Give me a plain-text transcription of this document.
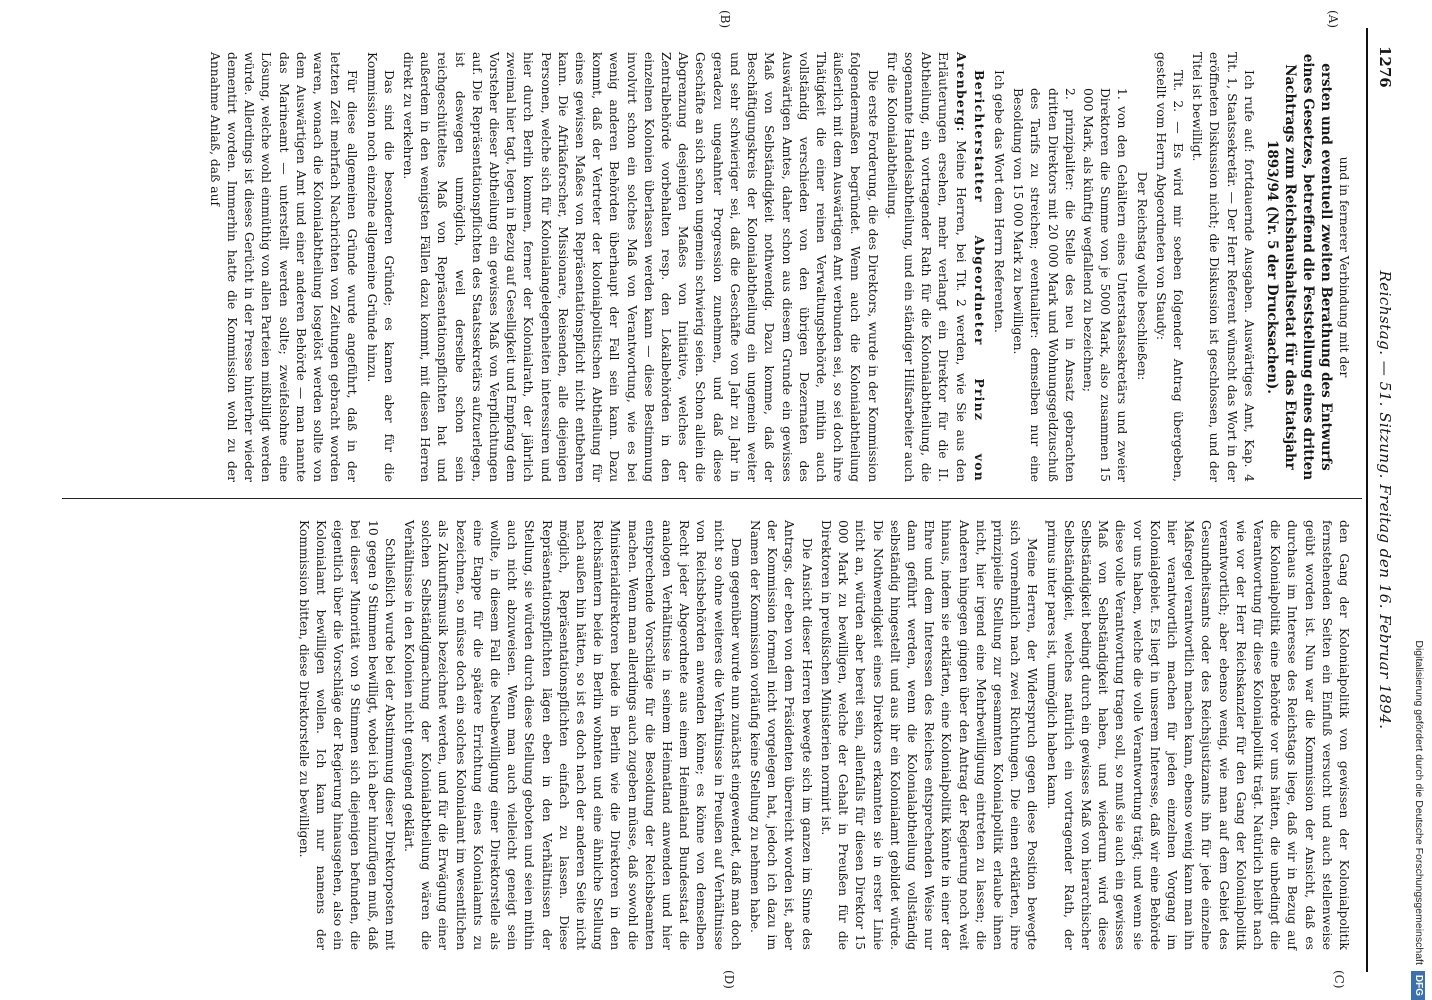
1276
Reichstag. — 51. Sitzung. Freitag den 16. Februar 1894.
(A)
(B)
(C)
(D)
und in fernerer Verbindung mit der
ersten und eventuell zweiten Berathung des Entwurfs eines Gesetzes, betreffend die Feststellung eines dritten Nachtrags zum Reichshaushaltsetat für das Etatsjahr 1893/94 (Nr. 5 der Drucksachen).

Ich rufe auf: fortdauernde Ausgaben. Auswärtiges Amt, Kap. 4 Tit. 1, Staatssekretär. — Der Herr Referent wünscht das Wort in der eröffneten Diskussion nicht; die Diskussion ist geschlossen, und der Titel ist bewilligt.

Tit. 2. — Es wird mir soeben folgender Antrag übergeben, gestellt vom Herrn Abgeordneten von Staudy:

Der Reichstag wolle beschließen:

1. von den Gehältern eines Unterstaatssekretärs und zweier Direktoren die Summe von je 5000 Mark, also zusammen 15 000 Mark, als künftig wegfallend zu bezeichnen;

2. prinzipaliter: die Stelle des neu in Ansatz gebrachten dritten Direktors mit 20 000 Mark und Wohnungsgeldzuschuß des Tarifs zu streichen; eventualiter: demselben nur eine Besoldung von 15 000 Mark zu bewilligen.

Ich gebe das Wort dem Herrn Referenten.

Berichterstatter Abgeordneter Prinz von Arenberg: Meine Herren, bei Tit. 2 werden, wie Sie aus den Erläuterungen ersehen, mehr verlangt ein Direktor für die II. Abtheilung, ein vortragender Rath für die Kolonialabtheilung, die sogenannte Handelsabtheilung, und ein ständiger Hilfsarbeiter auch für die Kolonialabtheilung.

Die erste Forderung, die des Direktors, wurde in der Kommission folgendermaßen begründet. Wenn auch die Kolonialabtheilung äußerlich mit dem Auswärtigen Amt verbunden sei, so sei doch ihre Thätigkeit die einer reinen Verwaltungsbehörde, mithin auch vollständig verschieden von den übrigen Dezernaten des Auswärtigen Amtes, daher schon aus diesem Grunde ein gewisses Maß von Selbständigkeit nothwendig. Dazu komme, daß der Beschäftigungskreis der Kolonialabtheilung ein ungemein weiter und sehr schwieriger sei, daß die Geschäfte von Jahr zu Jahr in geradezu ungeahnter Progression zunehmen, und daß diese Geschäfte an sich schon ungemein schwierig seien. Schon allein die Abgrenzung desjenigen Maßes von Initiative, welches der Zentralbehörde vorbehalten resp. den Lokalbehörden in den einzelnen Kolonien überlassen werden kann — diese Bestimmung involvirt schon ein solches Maß von Verantwortung, wie es bei wenig anderen Behörden überhaupt der Fall sein kann. Dazu kommt, daß der Vertreter der kolonialpolitischen Abtheilung für eines gewissen Maßes von Repräsentationspflicht nicht entbehren kann. Die Afrikaforscher, Missionare, Reisenden, alle diejenigen Personen, welche sich für Kolonialangelegenheiten interessiren und hier durch Berlin kommen, ferner der Kolonialrath, der jährlich zweimal hier tagt, legen in Bezug auf Geselligkeit und Empfang dem Vorsteher dieser Abtheilung ein gewisses Maß von Verpflichtungen auf. Die Repräsentationspflichten des Staatssekretärs aufzuerlegen, ist deswegen unmöglich, weil derselbe schon sein reichgeschütteltes Maß von Repräsentationspflichten hat und außerdem in den wenigsten Fällen dazu kommt, mit diesen Herren direkt zu verkehren.

Das sind die besonderen Gründe; es kamen aber für die Kommission noch einzelne allgemeine Gründe hinzu.

Für diese allgemeinen Gründe wurde angeführt, daß in der letzten Zeit mehrfach Nachrichten von Zeitungen gebracht worden waren, wonach die Kolonialabtheilung losgelöst werden sollte von dem Auswärtigen Amt und einer anderen Behörde — man nannte das Marineamt — unterstellt werden sollte; zweifelsohne eine Lösung, welche wohl einmüthig von allen Parteien mißbilligt werden würde. Allerdings ist dieses Gerücht in der Presse hinterher wieder dementirt worden. Immerhin hatte die Kommission wohl zu der Annahme Anlaß, daß auf

den Gang der Kolonialpolitik von gewissen der Kolonialpolitik fernstehenden Seiten ein Einfluß versucht und auch stellenweise geübt worden ist. Nun war die Kommission der Ansicht, daß es durchaus im Interesse des Reichstags liege, daß wir in Bezug auf die Kolonialpolitik eine Behörde vor uns hätten, die unbedingt die Verantwortung für diese Kolonialpolitik trägt. Natürlich bleibt nach wie vor der Herr Reichskanzler für den Gang der Kolonialpolitik verantwortlich; aber ebenso wenig, wie man auf dem Gebiet des Gesundheitsamts oder des Reichsjustizamts ihn für jede einzelne Maßregel verantwortlich machen kann, ebenso wenig kann man ihn hier verantwortlich machen für jeden einzelnen Vorgang im Kolonialgebiet. Es liegt in unserem Interesse, daß wir eine Behörde vor uns haben, welche die volle Verantwortung trägt; und wenn sie diese volle Verantwortung tragen soll, so muß sie auch ein gewisses Maß von Selbständigkeit haben, und wiederum wird diese Selbständigkeit bedingt durch ein gewisses Maß von hierarchischer Selbständigkeit, welches natürlich ein vortragender Rath, der primus inter pares ist, unmöglich haben kann.

Meine Herren, der Widerspruch gegen diese Position bewegte sich vornehmlich nach zwei Richtungen. Die einen erklärten, ihre prinzipielle Stellung zur gesammten Kolonialpolitik erlaube ihnen nicht, hier irgend eine Mehrbewilligung eintreten zu lassen; die Anderen hingegen gingen über den Antrag der Regierung noch weit hinaus, indem sie erklärten, eine Kolonialpolitik könnte in einer der Ehre und dem Interessen des Reiches entsprechenden Weise nur dann geführt werden, wenn die Kolonialabtheilung vollständig selbständig hingestellt und aus ihr ein Kolonialamt gebildet würde. Die Nothwendigkeit eines Direktors erkannten sie in erster Linie nicht an, würden aber bereit sein, allenfalls für diesen Direktor 15 000 Mark zu bewilligen, welche der Gehalt in Preußen für die Direktoren in preußischen Ministerien normirt ist.

Die Ansicht dieser Herren bewegte sich im ganzen im Sinne des Antrags, der eben von dem Präsidenten überreicht worden ist, aber der Kommission formell nicht vorgelegen hat, jedoch ich dazu im Namen der Kommission vorläufig keine Stellung zu nehmen habe.

Dem gegenüber wurde nun zunächst eingewendet, daß man doch nicht so ohne weiteres die Verhältnisse in Preußen auf Verhältnisse von Reichsbehörden anwenden könne; es könne von demselben Recht jeder Abgeordnete aus einem Heimatland Bundesstaat die analogen Verhältnisse in seinem Heimatland anwenden und hier entsprechende Vorschläge für die Besoldung der Reichsbeamten machen. Wenn man allerdings auch zugeben müsse, daß sowohl die Ministerialdirektoren beide in Berlin wie die Direktoren in den Reichsämtern beide in Berlin wohnten und eine ähnliche Stellung nach außen hin hätten, so ist es doch nach der anderen Seite nicht möglich, Repräsentationspflichten einfach zu lassen. Diese Repräsentationspflichten lägen eben in den Verhältnissen der Stellung, sie würden durch diese Stellung geboten und seien mithin auch nicht abzuweisen. Wenn man auch vielleicht geneigt sein wollte, in diesem Fall die Neubewilligung einer Direktorstelle als eine Etappe für die spätere Errichtung eines Kolonialamts zu bezeichnen, so müsse doch ein solches Kolonialamt im wesentlichen als Zukunftsmusik bezeichnet werden, und für die Erwägung einer solchen Selbständigmachung der Kolonialabtheilung wären die Verhältnisse in den Kolonien nicht genügend geklärt.

Schließlich wurde bei der Abstimmung dieser Direktorposten mit 10 gegen 9 Stimmen bewilligt, wobei ich aber hinzufügen muß, daß bei dieser Minorität von 9 Stimmen sich diejenigen befunden, die eigentlich über die Vorschläge der Regierung hinausgehen, also ein Kolonialamt bewilligen wollen. Ich kann nur namens der Kommission bitten, diese Direktorstelle zu bewilligen.	Digitalisierung gefördert durch die Deutsche ForschungsgemeinschaftDFG
